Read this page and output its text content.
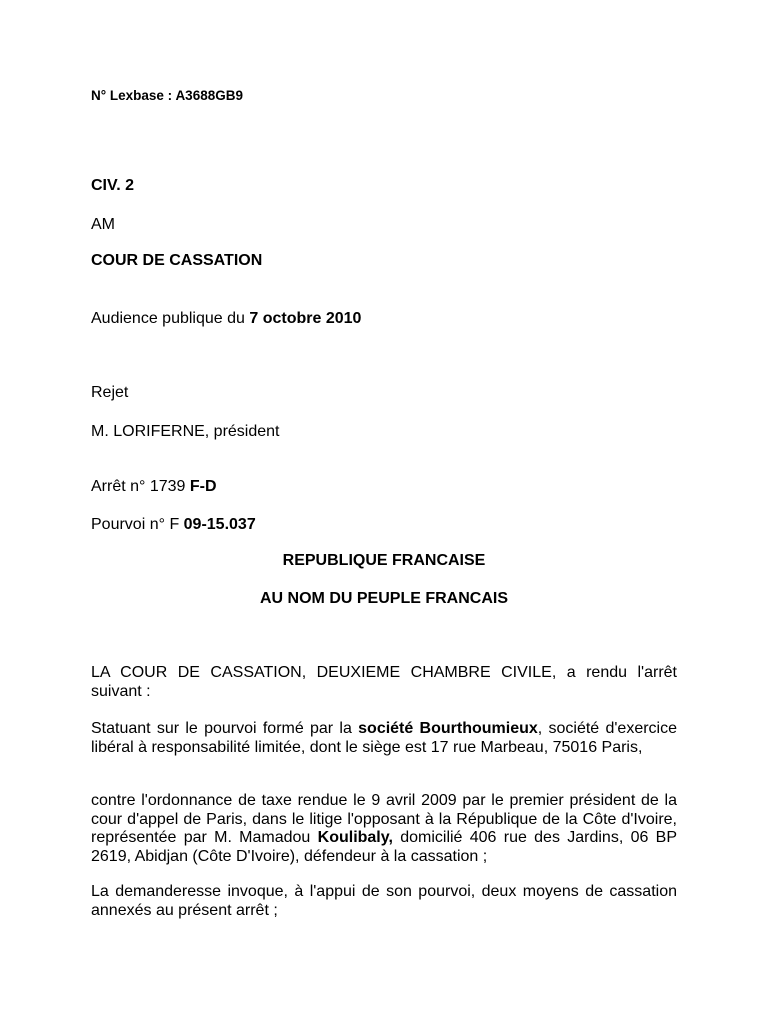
N° Lexbase : A3688GB9
CIV. 2
AM
COUR DE CASSATION
Audience publique du 7 octobre 2010
Rejet
M. LORIFERNE, président
Arrêt n° 1739 F-D
Pourvoi n° F 09-15.037
REPUBLIQUE FRANCAISE
AU NOM DU PEUPLE FRANCAIS
LA COUR DE CASSATION, DEUXIEME CHAMBRE CIVILE, a rendu l'arrêt suivant :
Statuant sur le pourvoi formé par la société Bourthoumieux, société d'exercice libéral à responsabilité limitée, dont le siège est 17 rue Marbeau, 75016 Paris,
contre l'ordonnance de taxe rendue le 9 avril 2009 par le premier président de la cour d'appel de Paris, dans le litige l'opposant à la République de la Côte d'Ivoire, représentée par M. Mamadou Koulibaly, domicilié 406 rue des Jardins, 06 BP 2619, Abidjan (Côte D'Ivoire), défendeur à la cassation ;
La demanderesse invoque, à l'appui de son pourvoi, deux moyens de cassation annexés au présent arrêt ;
